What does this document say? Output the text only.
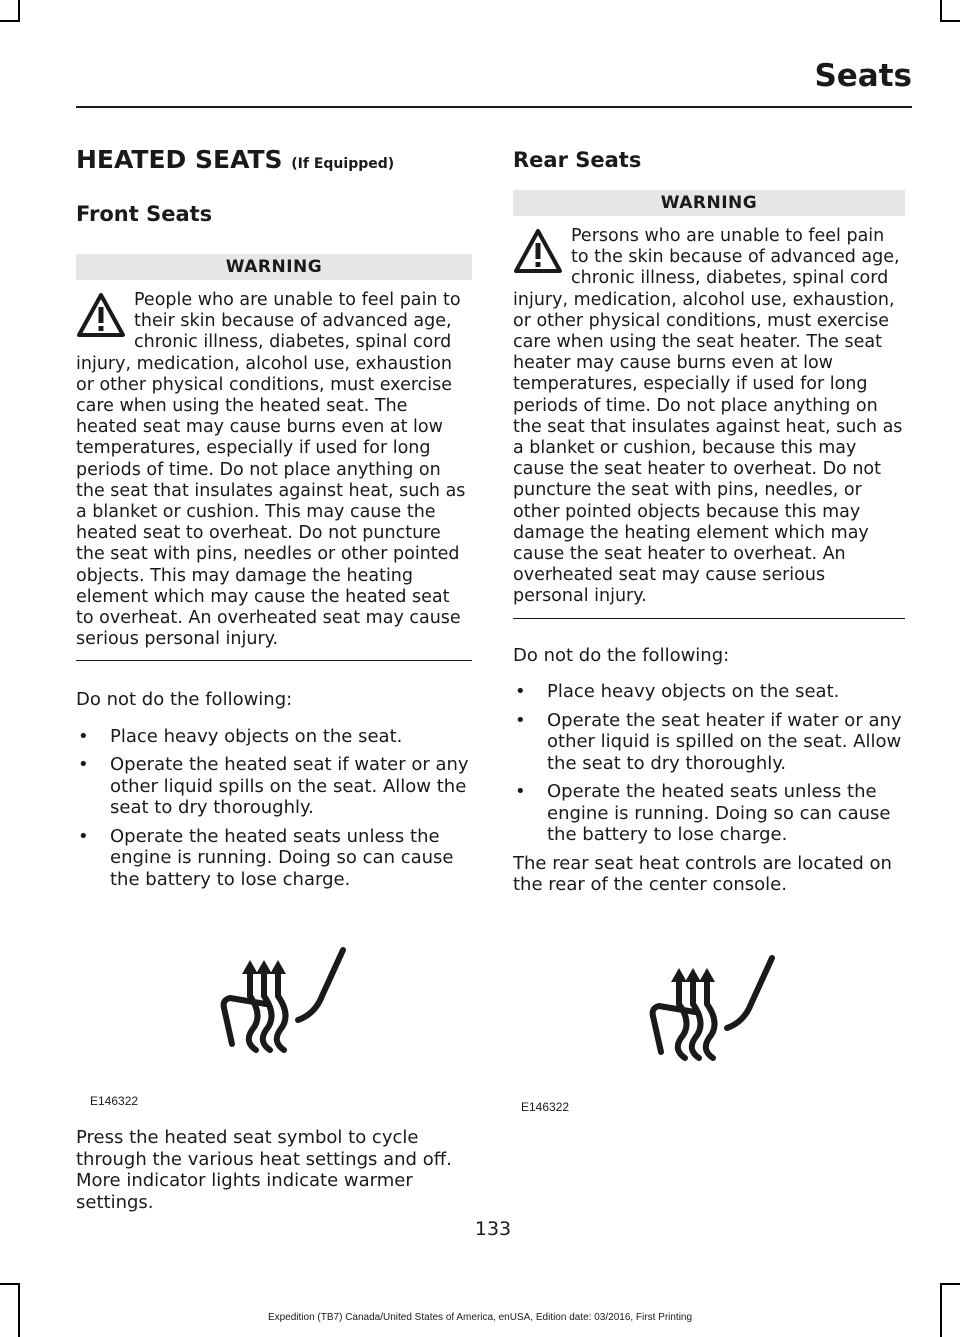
Seats
HEATED SEATS (If Equipped)
Front Seats
WARNING
People who are unable to feel pain to their skin because of advanced age, chronic illness, diabetes, spinal cord injury, medication, alcohol use, exhaustion or other physical conditions, must exercise care when using the heated seat. The heated seat may cause burns even at low temperatures, especially if used for long periods of time. Do not place anything on the seat that insulates against heat, such as a blanket or cushion. This may cause the heated seat to overheat. Do not puncture the seat with pins, needles or other pointed objects. This may damage the heating element which may cause the heated seat to overheat. An overheated seat may cause serious personal injury.

Do not do the following:

• Place heavy objects on the seat.
• Operate the heated seat if water or any other liquid spills on the seat. Allow the seat to dry thoroughly.
• Operate the heated seats unless the engine is running. Doing so can cause the battery to lose charge.
E146322

Press the heated seat symbol to cycle through the various heat settings and off. More indicator lights indicate warmer settings.

Rear Seats
WARNING
Persons who are unable to feel pain to the skin because of advanced age, chronic illness, diabetes, spinal cord injury, medication, alcohol use, exhaustion, or other physical conditions, must exercise care when using the seat heater. The seat heater may cause burns even at low temperatures, especially if used for long periods of time. Do not place anything on the seat that insulates against heat, such as a blanket or cushion, because this may cause the seat heater to overheat. Do not puncture the seat with pins, needles, or other pointed objects because this may damage the heating element which may cause the seat heater to overheat. An overheated seat may cause serious personal injury.

Do not do the following:

• Place heavy objects on the seat.
• Operate the seat heater if water or any other liquid is spilled on the seat. Allow the seat to dry thoroughly.
• Operate the heated seats unless the engine is running. Doing so can cause the battery to lose charge.

The rear seat heat controls are located on the rear of the center console.

E146322
133
Expedition (TB7) Canada/United States of America, enUSA, Edition date: 03/2016, First Printing
